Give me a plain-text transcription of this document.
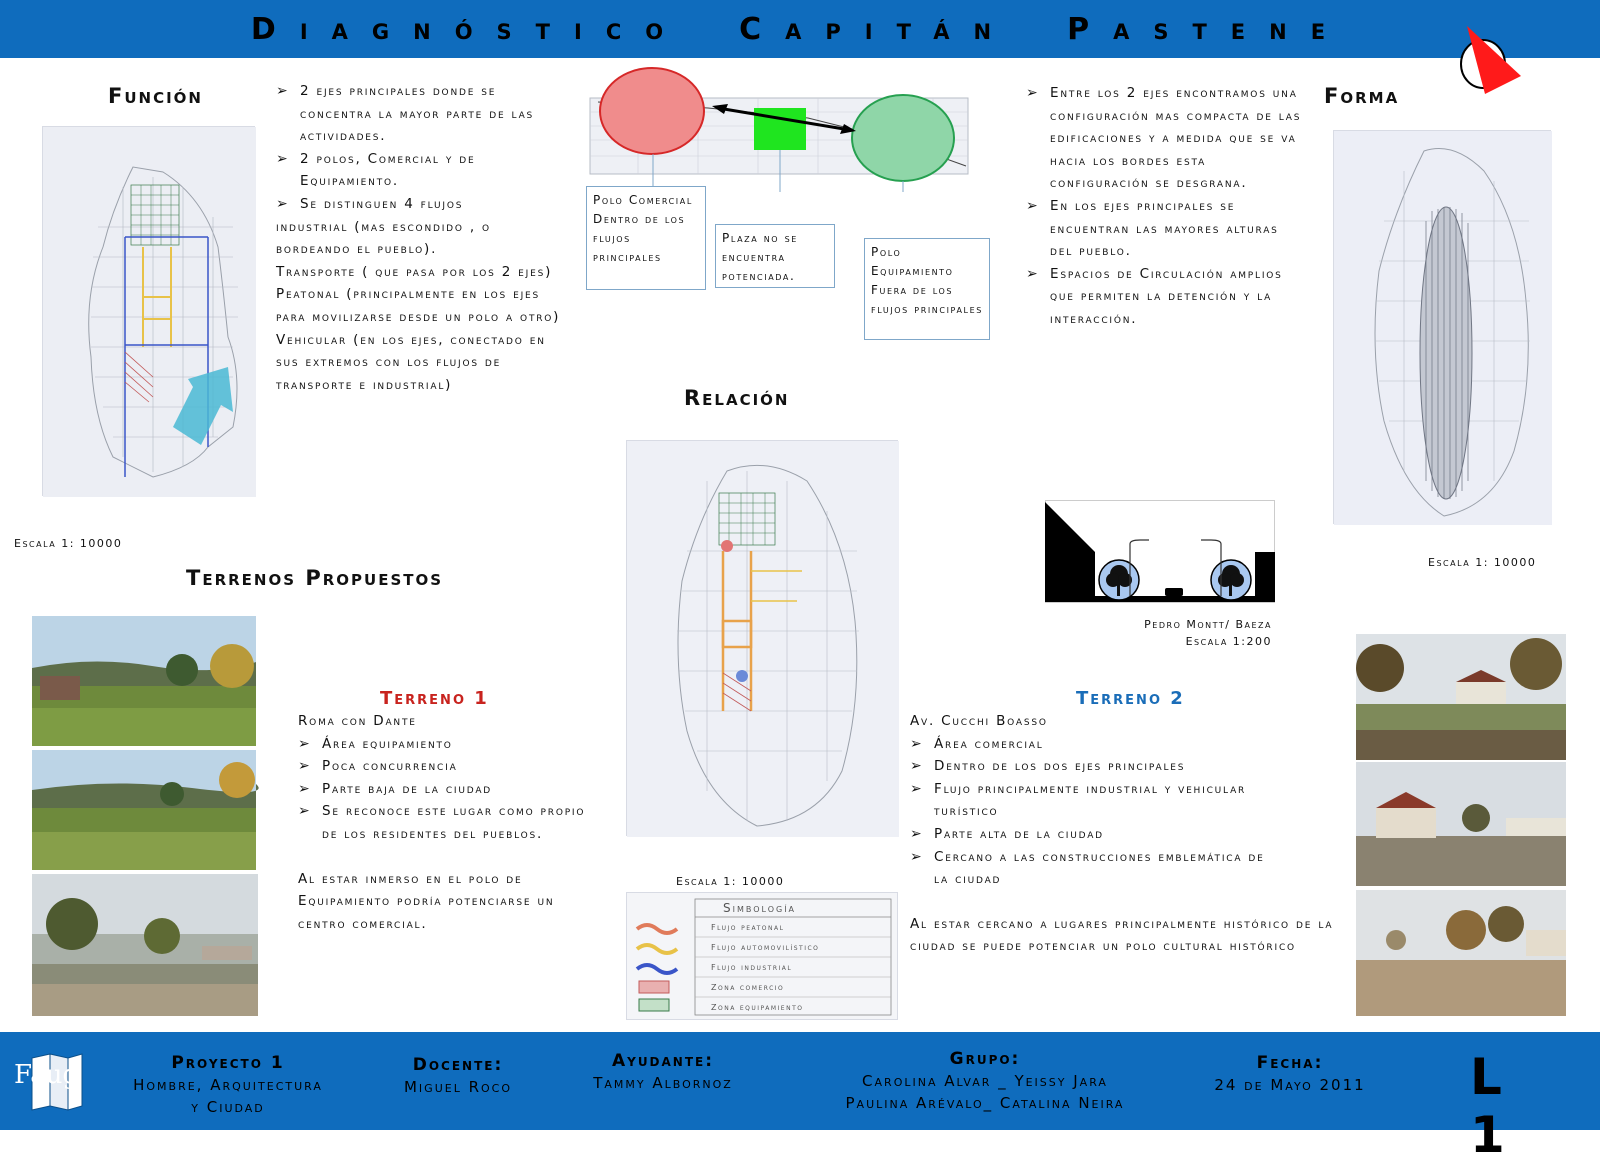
Diagnóstico Capitán Pastene
Función

➢	2 ejes principales donde se concentra la mayor parte de las actividades.

➢ 2 polos, Comercial y de Equipamiento.

➢ Se distinguen 4 flujos

industrial (mas escondido , o bordeando el pueblo).

Transporte ( que pasa por los 2 ejes)

Peatonal (principalmente en los ejes para movilizarse desde un polo a otro)

Vehicular (en los ejes, conectado en sus extremos con los flujos de transporte e industrial)

Escala 1: 10000
Polo Comercial Dentro de los flujos principales
Plaza no se encuentra potenciada.
Polo Equipamiento Fuera de los flujos principales
Relación
Escala 1: 10000
Simbología
Flujo peatonal
Flujo automovilístico
Flujo industrial
Zona comercio
Zona equipamiento

➢ Entre los 2 ejes encontramos una configuración mas compacta de las edificaciones y a medida que se va hacia los bordes esta configuración se desgrana.

➢ En los ejes principales se encuentran las mayores alturas del pueblo.

➢ Espacios de Circulación amplios que permiten la detención y la interacción.

Forma
Escala 1: 10000
Pedro Montt/ Baeza
Escala 1:200
Terrenos Propuestos
Terreno 1

Roma con Dante

➢ Área equipamiento

➢ Poca concurrencia

➢ Parte baja de la ciudad

➢ Se reconoce este lugar como propio de los residentes del pueblos.

Al estar inmerso en el polo de Equipamiento podría potenciarse un centro comercial.

Terreno 2

Av. Cucchi Boasso

➢ Área comercial

➢ Dentro de los dos ejes principales

➢ Flujo principalmente industrial y vehicular turístico

➢ Parte alta de la ciudad

➢ Cercano a las construcciones emblemática de la ciudad

Al estar cercano a lugares principalmente histórico de la ciudad se puede potenciar un polo cultural histórico

Faug	Proyecto 1
Hombre, Arquitectura
y Ciudad
Docente:
Miguel Roco
Ayudante:
Tammy Albornoz
Grupo:
Carolina Alvar _ Yeissy Jara
Paulina Arévalo_ Catalina Neira
Fecha:
24 de Mayo 2011	L 1
